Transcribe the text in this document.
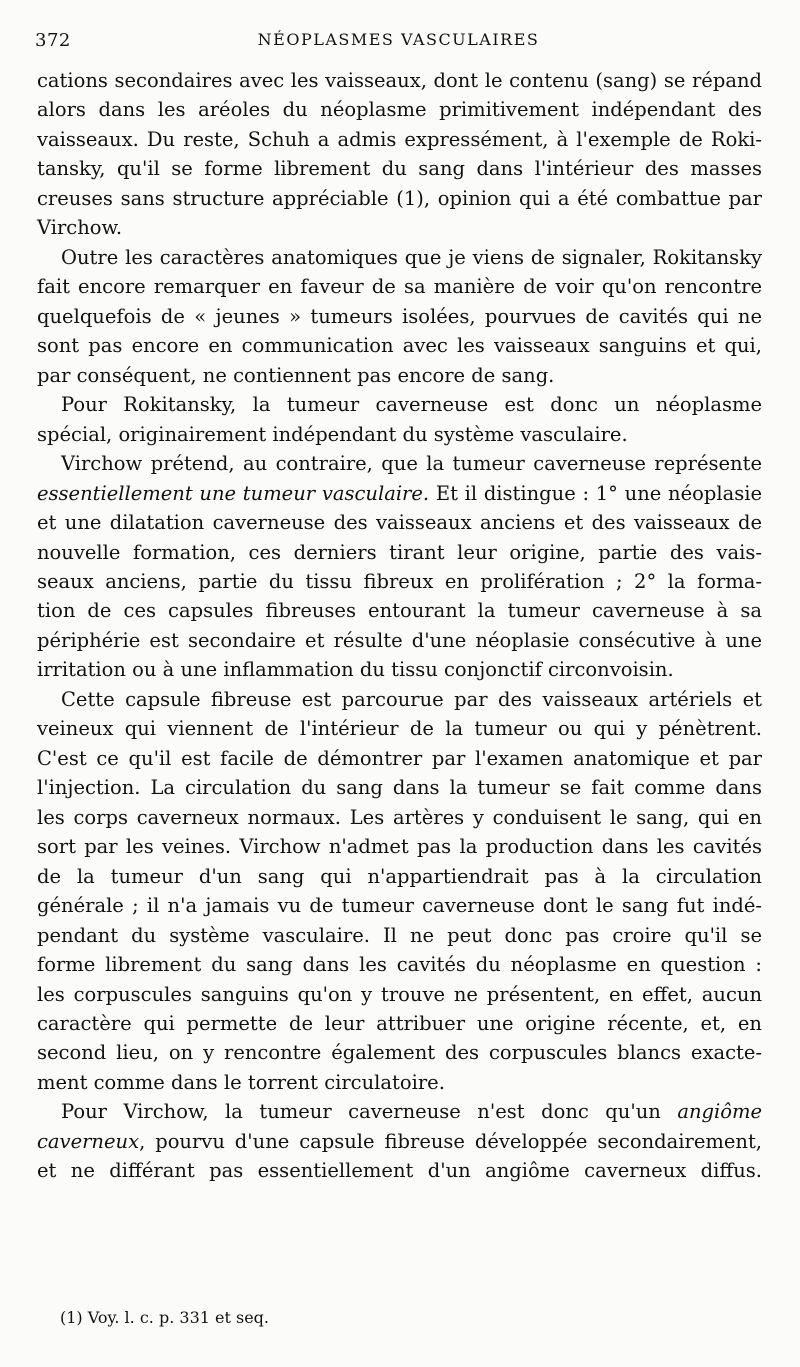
372	NÉOPLASMES VASCULAIRES
cations secondaires avec les vaisseaux, dont le contenu (sang) se répand
alors dans les aréoles du néoplasme primitivement indépendant des
vaisseaux. Du reste, Schuh a admis expressément, à l'exemple de Roki-
tansky, qu'il se forme librement du sang dans l'intérieur des masses
creuses sans structure appréciable (1), opinion qui a été combattue par
Virchow.
Outre les caractères anatomiques que je viens de signaler, Rokitansky
fait encore remarquer en faveur de sa manière de voir qu'on rencontre
quelquefois de « jeunes » tumeurs isolées, pourvues de cavités qui ne
sont pas encore en communication avec les vaisseaux sanguins et qui,
par conséquent, ne contiennent pas encore de sang.
Pour Rokitansky, la tumeur caverneuse est donc un néoplasme
spécial, originairement indépendant du système vasculaire.
Virchow prétend, au contraire, que la tumeur caverneuse représente
essentiellement une tumeur vasculaire. Et il distingue : 1° une néoplasie
et une dilatation caverneuse des vaisseaux anciens et des vaisseaux de
nouvelle formation, ces derniers tirant leur origine, partie des vais-
seaux anciens, partie du tissu fibreux en prolifération ; 2° la forma-
tion de ces capsules fibreuses entourant la tumeur caverneuse à sa
périphérie est secondaire et résulte d'une néoplasie consécutive à une
irritation ou à une inflammation du tissu conjonctif circonvoisin.
Cette capsule fibreuse est parcourue par des vaisseaux artériels et
veineux qui viennent de l'intérieur de la tumeur ou qui y pénètrent.
C'est ce qu'il est facile de démontrer par l'examen anatomique et par
l'injection. La circulation du sang dans la tumeur se fait comme dans
les corps caverneux normaux. Les artères y conduisent le sang, qui en
sort par les veines. Virchow n'admet pas la production dans les cavités
de la tumeur d'un sang qui n'appartiendrait pas à la circulation
générale ; il n'a jamais vu de tumeur caverneuse dont le sang fut indé-
pendant du système vasculaire. Il ne peut donc pas croire qu'il se
forme librement du sang dans les cavités du néoplasme en question :
les corpuscules sanguins qu'on y trouve ne présentent, en effet, aucun
caractère qui permette de leur attribuer une origine récente, et, en
second lieu, on y rencontre également des corpuscules blancs exacte-
ment comme dans le torrent circulatoire.
Pour Virchow, la tumeur caverneuse n'est donc qu'un angiôme
caverneux, pourvu d'une capsule fibreuse développée secondairement,
et ne différant pas essentiellement d'un angiôme caverneux diffus.
(1) Voy. l. c. p. 331 et seq.
